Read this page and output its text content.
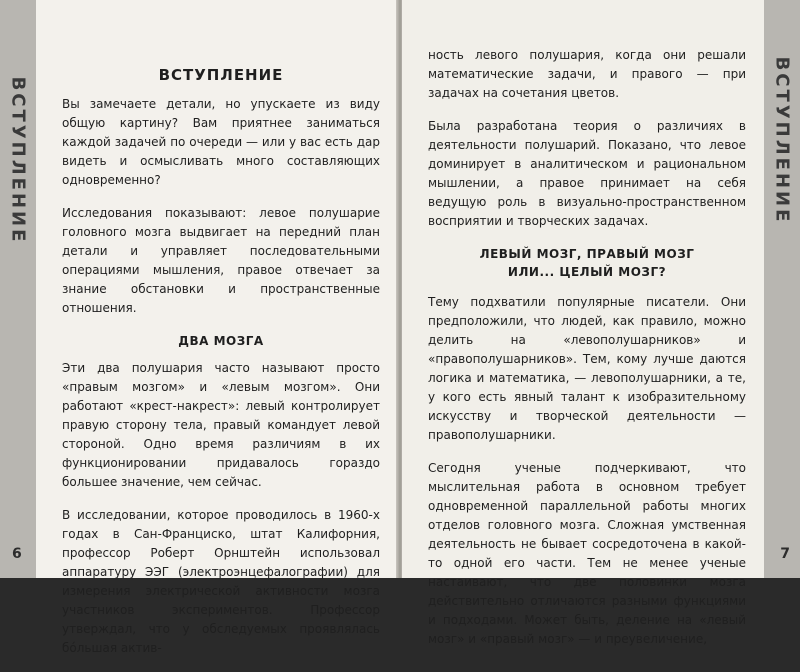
ВСТУПЛЕНИЕ
ВСТУПЛЕНИЕ

Вы замечаете детали, но упускаете из виду общую картину? Вам приятнее заниматься каждой задачей по очереди — или у вас есть дар видеть и осмысливать много составляющих одновременно?

Исследования показывают: левое полушарие головного мозга выдвигает на передний план детали и управляет последовательными операциями мышления, правое отвечает за знание обстановки и пространственные отношения.

ДВА МОЗГА

Эти два полушария часто называют просто «правым мозгом» и «левым мозгом». Они работают «крест-накрест»: левый контролирует правую сторону тела, правый командует левой стороной. Одно время различиям в их функционировании придавалось гораздо большее значение, чем сейчас.

В исследовании, которое проводилось в 1960-х годах в Сан-Франциско, штат Калифорния, профессор Роберт Орнштейн использовал аппаратуру ЭЭГ (электроэнцефалографии) для измерения электрической активности мозга участников экспериментов. Профессор утверждал, что у обследуемых проявлялась бóльшая актив-

6

ность левого полушария, когда они решали математические задачи, и правого — при задачах на сочетания цветов.

Была разработана теория о различиях в деятельности полушарий. Показано, что левое доминирует в аналитическом и рациональном мышлении, а правое принимает на себя ведущую роль в визуально-пространственном восприятии и творческих задачах.

ЛЕВЫЙ МОЗГ, ПРАВЫЙ МОЗГ
ИЛИ... ЦЕЛЫЙ МОЗГ?

Тему подхватили популярные писатели. Они предположили, что людей, как правило, можно делить на «левополушарников» и «правополушарников». Тем, кому лучше даются логика и математика, — левополушарники, а те, у кого есть явный талант к изобразительному искусству и творческой деятельности — правополушарники.

Сегодня ученые подчеркивают, что мыслительная работа в основном требует одновременной параллельной работы многих отделов головного мозга. Сложная умственная деятельность не бывает сосредоточена в какой-то одной его части. Тем не менее ученые настаивают, что две половинки мозга действительно отличаются разными функциями и подходами. Может быть, деление на «левый мозг» и «правый мозг» — и преувеличение,

ВСТУПЛЕНИЕ
7
